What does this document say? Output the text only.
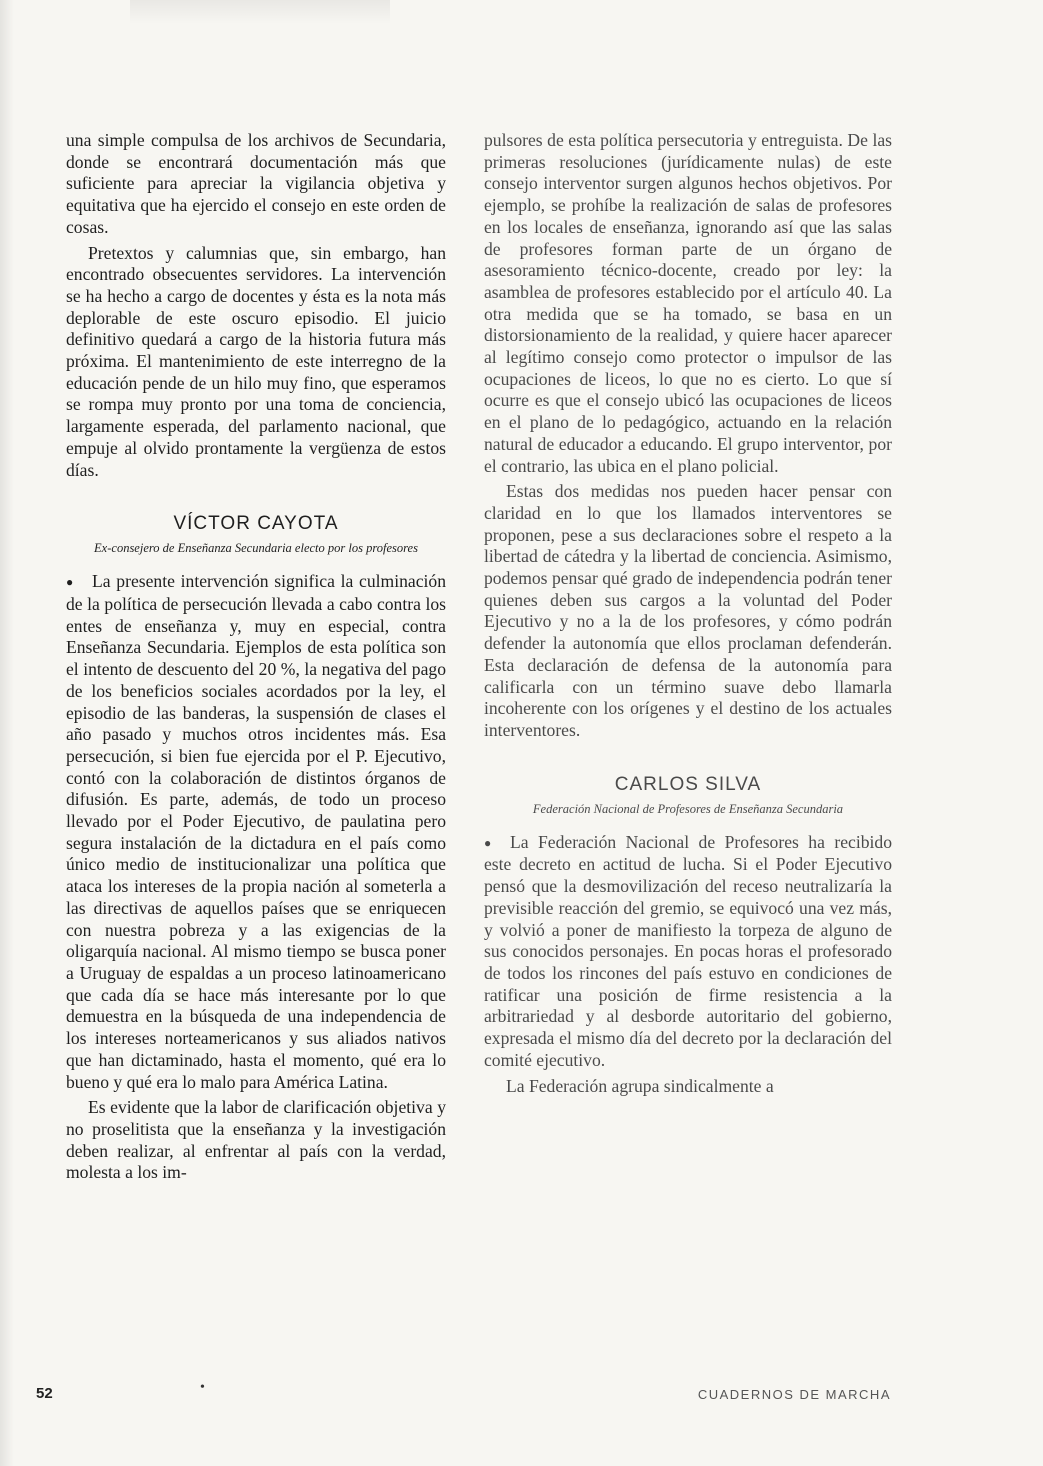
una simple compulsa de los archivos de Secundaria, donde se encontrará documentación más que suficiente para apreciar la vigilancia objetiva y equitativa que ha ejercido el consejo en este orden de cosas.

Pretextos y calumnias que, sin embargo, han encontrado obsecuentes servidores. La intervención se ha hecho a cargo de docentes y ésta es la nota más deplorable de este oscuro episodio. El juicio definitivo quedará a cargo de la historia futura más próxima. El mantenimiento de este interregno de la educación pende de un hilo muy fino, que esperamos se rompa muy pronto por una toma de conciencia, largamente esperada, del parlamento nacional, que empuje al olvido prontamente la vergüenza de estos días.

VÍCTOR CAYOTA
Ex-consejero de Enseñanza Secundaria electo por los profesores

● La presente intervención significa la culminación de la política de persecución llevada a cabo contra los entes de enseñanza y, muy en especial, contra Enseñanza Secundaria. Ejemplos de esta política son el intento de descuento del 20 %, la negativa del pago de los beneficios sociales acordados por la ley, el episodio de las banderas, la suspensión de clases el año pasado y muchos otros incidentes más. Esa persecución, si bien fue ejercida por el P. Ejecutivo, contó con la colaboración de distintos órganos de difusión. Es parte, además, de todo un proceso llevado por el Poder Ejecutivo, de paulatina pero segura instalación de la dictadura en el país como único medio de institucionalizar una política que ataca los intereses de la propia nación al someterla a las directivas de aquellos países que se enriquecen con nuestra pobreza y a las exigencias de la oligarquía nacional. Al mismo tiempo se busca poner a Uruguay de espaldas a un proceso latinoamericano que cada día se hace más interesante por lo que demuestra en la búsqueda de una independencia de los intereses norteamericanos y sus aliados nativos que han dictaminado, hasta el momento, qué era lo bueno y qué era lo malo para América Latina.

Es evidente que la labor de clarificación objetiva y no proselitista que la enseñanza y la investigación deben realizar, al enfrentar al país con la verdad, molesta a los im-

pulsores de esta política persecutoria y entreguista. De las primeras resoluciones (jurídicamente nulas) de este consejo interventor surgen algunos hechos objetivos. Por ejemplo, se prohíbe la realización de salas de profesores en los locales de enseñanza, ignorando así que las salas de profesores forman parte de un órgano de asesoramiento técnico-docente, creado por ley: la asamblea de profesores establecido por el artículo 40. La otra medida que se ha tomado, se basa en un distorsionamiento de la realidad, y quiere hacer aparecer al legítimo consejo como protector o impulsor de las ocupaciones de liceos, lo que no es cierto. Lo que sí ocurre es que el consejo ubicó las ocupaciones de liceos en el plano de lo pedagógico, actuando en la relación natural de educador a educando. El grupo interventor, por el contrario, las ubica en el plano policial.

Estas dos medidas nos pueden hacer pensar con claridad en lo que los llamados interventores se proponen, pese a sus declaraciones sobre el respeto a la libertad de cátedra y la libertad de conciencia. Asimismo, podemos pensar qué grado de independencia podrán tener quienes deben sus cargos a la voluntad del Poder Ejecutivo y no a la de los profesores, y cómo podrán defender la autonomía que ellos proclaman defenderán. Esta declaración de defensa de la autonomía para calificarla con un término suave debo llamarla incoherente con los orígenes y el destino de los actuales interventores.

CARLOS SILVA
Federación Nacional de Profesores de Enseñanza Secundaria

● La Federación Nacional de Profesores ha recibido este decreto en actitud de lucha. Si el Poder Ejecutivo pensó que la desmovilización del receso neutralizaría la previsible reacción del gremio, se equivocó una vez más, y volvió a poner de manifiesto la torpeza de alguno de sus conocidos personajes. En pocas horas el profesorado de todos los rincones del país estuvo en condiciones de ratificar una posición de firme resistencia a la arbitrariedad y al desborde autoritario del gobierno, expresada el mismo día del decreto por la declaración del comité ejecutivo.

La Federación agrupa sindicalmente a

52	•	CUADERNOS DE MARCHA
